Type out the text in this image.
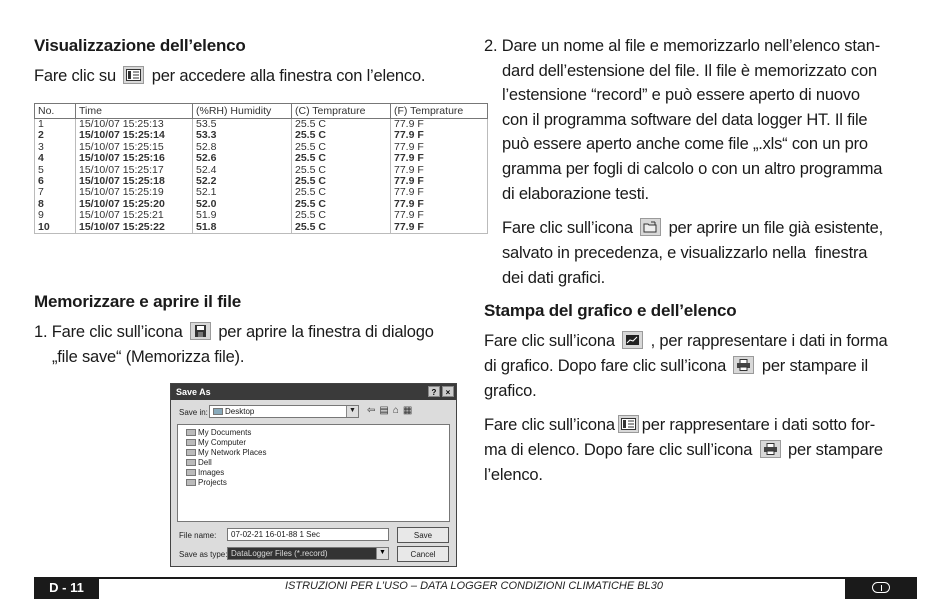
Visualizzazione dell’elenco
Fare clic su per accedere alla finestra con l’elenco.
No.	Time	(%RH) Humidity	(C) Temprature	(F) Temprature
1	15/10/07 15:25:13	53.5	25.5 C	77.9 F
2	15/10/07 15:25:14	53.3	25.5 C	77.9 F
3	15/10/07 15:25:15	52.8	25.5 C	77.9 F
4	15/10/07 15:25:16	52.6	25.5 C	77.9 F
5	15/10/07 15:25:17	52.4	25.5 C	77.9 F
6	15/10/07 15:25:18	52.2	25.5 C	77.9 F
7	15/10/07 15:25:19	52.1	25.5 C	77.9 F
8	15/10/07 15:25:20	52.0	25.5 C	77.9 F
9	15/10/07 15:25:21	51.9	25.5 C	77.9 F
10	15/10/07 15:25:22	51.8	25.5 C	77.9 F
Memorizzare e aprire il file
1. Fare clic sull’icona per aprire la finestra di dialogo
„file save“ (Memorizza file).
Save As	?	×
Save in:	Desktop	▼ ⇦▤⌂▦
My Documents
My Computer
My Network Places
Dell
Images
Projects
File name:	07-02-21 16-01-88 1 Sec	Save
Save as type: DataLogger Files (*.record)	▼	Cancel
2. Dare un nome al file e memorizzarlo nell’elenco stan-
dard dell’estensione del file. Il file è memorizzato con
l’estensione “record” e può essere aperto di nuovo
con il programma software del data logger HT. Il file
può essere aperto anche come file „.xls“ con un pro
gramma per fogli di calcolo o con un altro programma
di elaborazione testi.
Fare clic sull’icona per aprire un file già esistente,
salvato in precedenza, e visualizzarlo nella  finestra
dei dati grafici.
Stampa del grafico e dell’elenco
Fare clic sull’icona , per rappresentare i dati in forma
di grafico. Dopo fare clic sull’icona per stampare il
grafico.
Fare clic sull’icona per rappresentare i dati sotto for-
ma di elenco. Dopo fare clic sull’icona per stampare
l’elenco.
D - 11	ISTRUZIONI PER L’USO – DATA LOGGER CONDIZIONI CLIMATICHE BL30
